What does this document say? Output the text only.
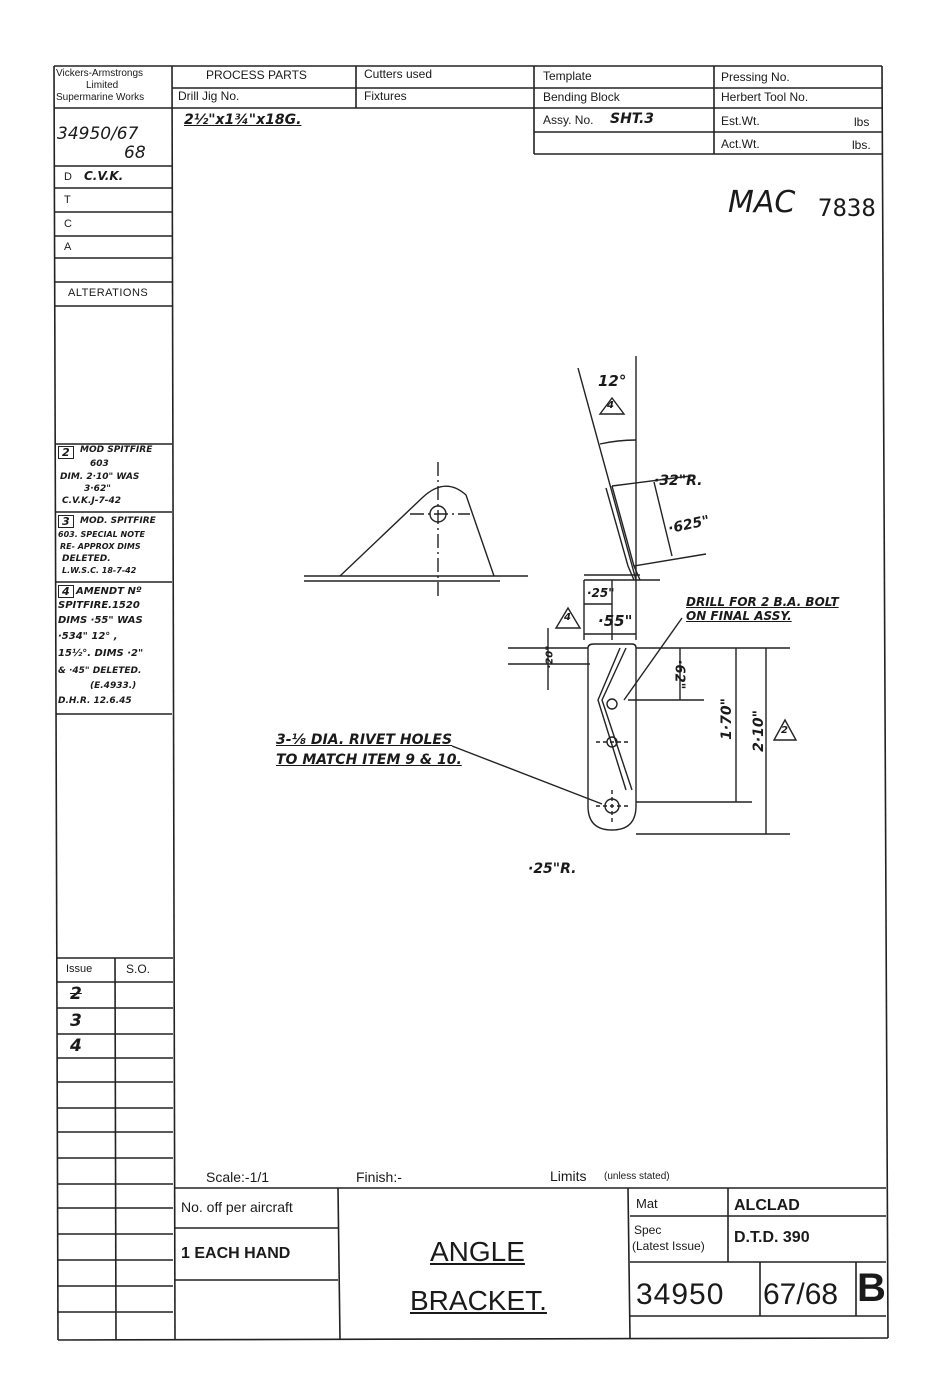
Vickers-Armstrongs
Limited
Supermarine Works
PROCESS PARTS	Cutters used	Template	Pressing No.
Drill Jig No.	Fixtures	Bending Block	Herbert Tool No.
2½"x1¾"x18G.	Assy. No. SHT.3	Est.Wt.	lbs
Act.Wt.	lbs.
34950/67
68
D C.V.K.
T
C
A
ALTERATIONS
2	MOD SPITFIRE
603
DIM. 2·10" WAS
3·62"
C.V.K.J-7-42
3	MOD. SPITFIRE
603. SPECIAL NOTE
RE- APPROX DIMS
DELETED.
L.W.S.C. 18-7-42
4 AMENDT Nº
SPITFIRE.1520
DIMS ·55" WAS
·534" 12° ,
15½°. DIMS ·2"
& ·45" DELETED.
(E.4933.)
D.H.R. 12.6.45
Issue	S.O.
2
3
4
MAC 7838
12°
4
·32"R.
·625"
·25"
·55"
4
·20"
·62"
1·70" 2·10" 2
DRILL FOR 2 B.A. BOLT
ON FINAL ASSY.
3-⅛ DIA. RIVET HOLES
TO MATCH ITEM 9 & 10.
·25"R.
Scale:-1/1	Finish:-	Limits (unless stated)
No. off per aircraft
1 EACH HAND	ANGLE
BRACKET.
Mat	ALCLAD
Spec
(Latest Issue) D.T.D. 390
34950 67/68 B
